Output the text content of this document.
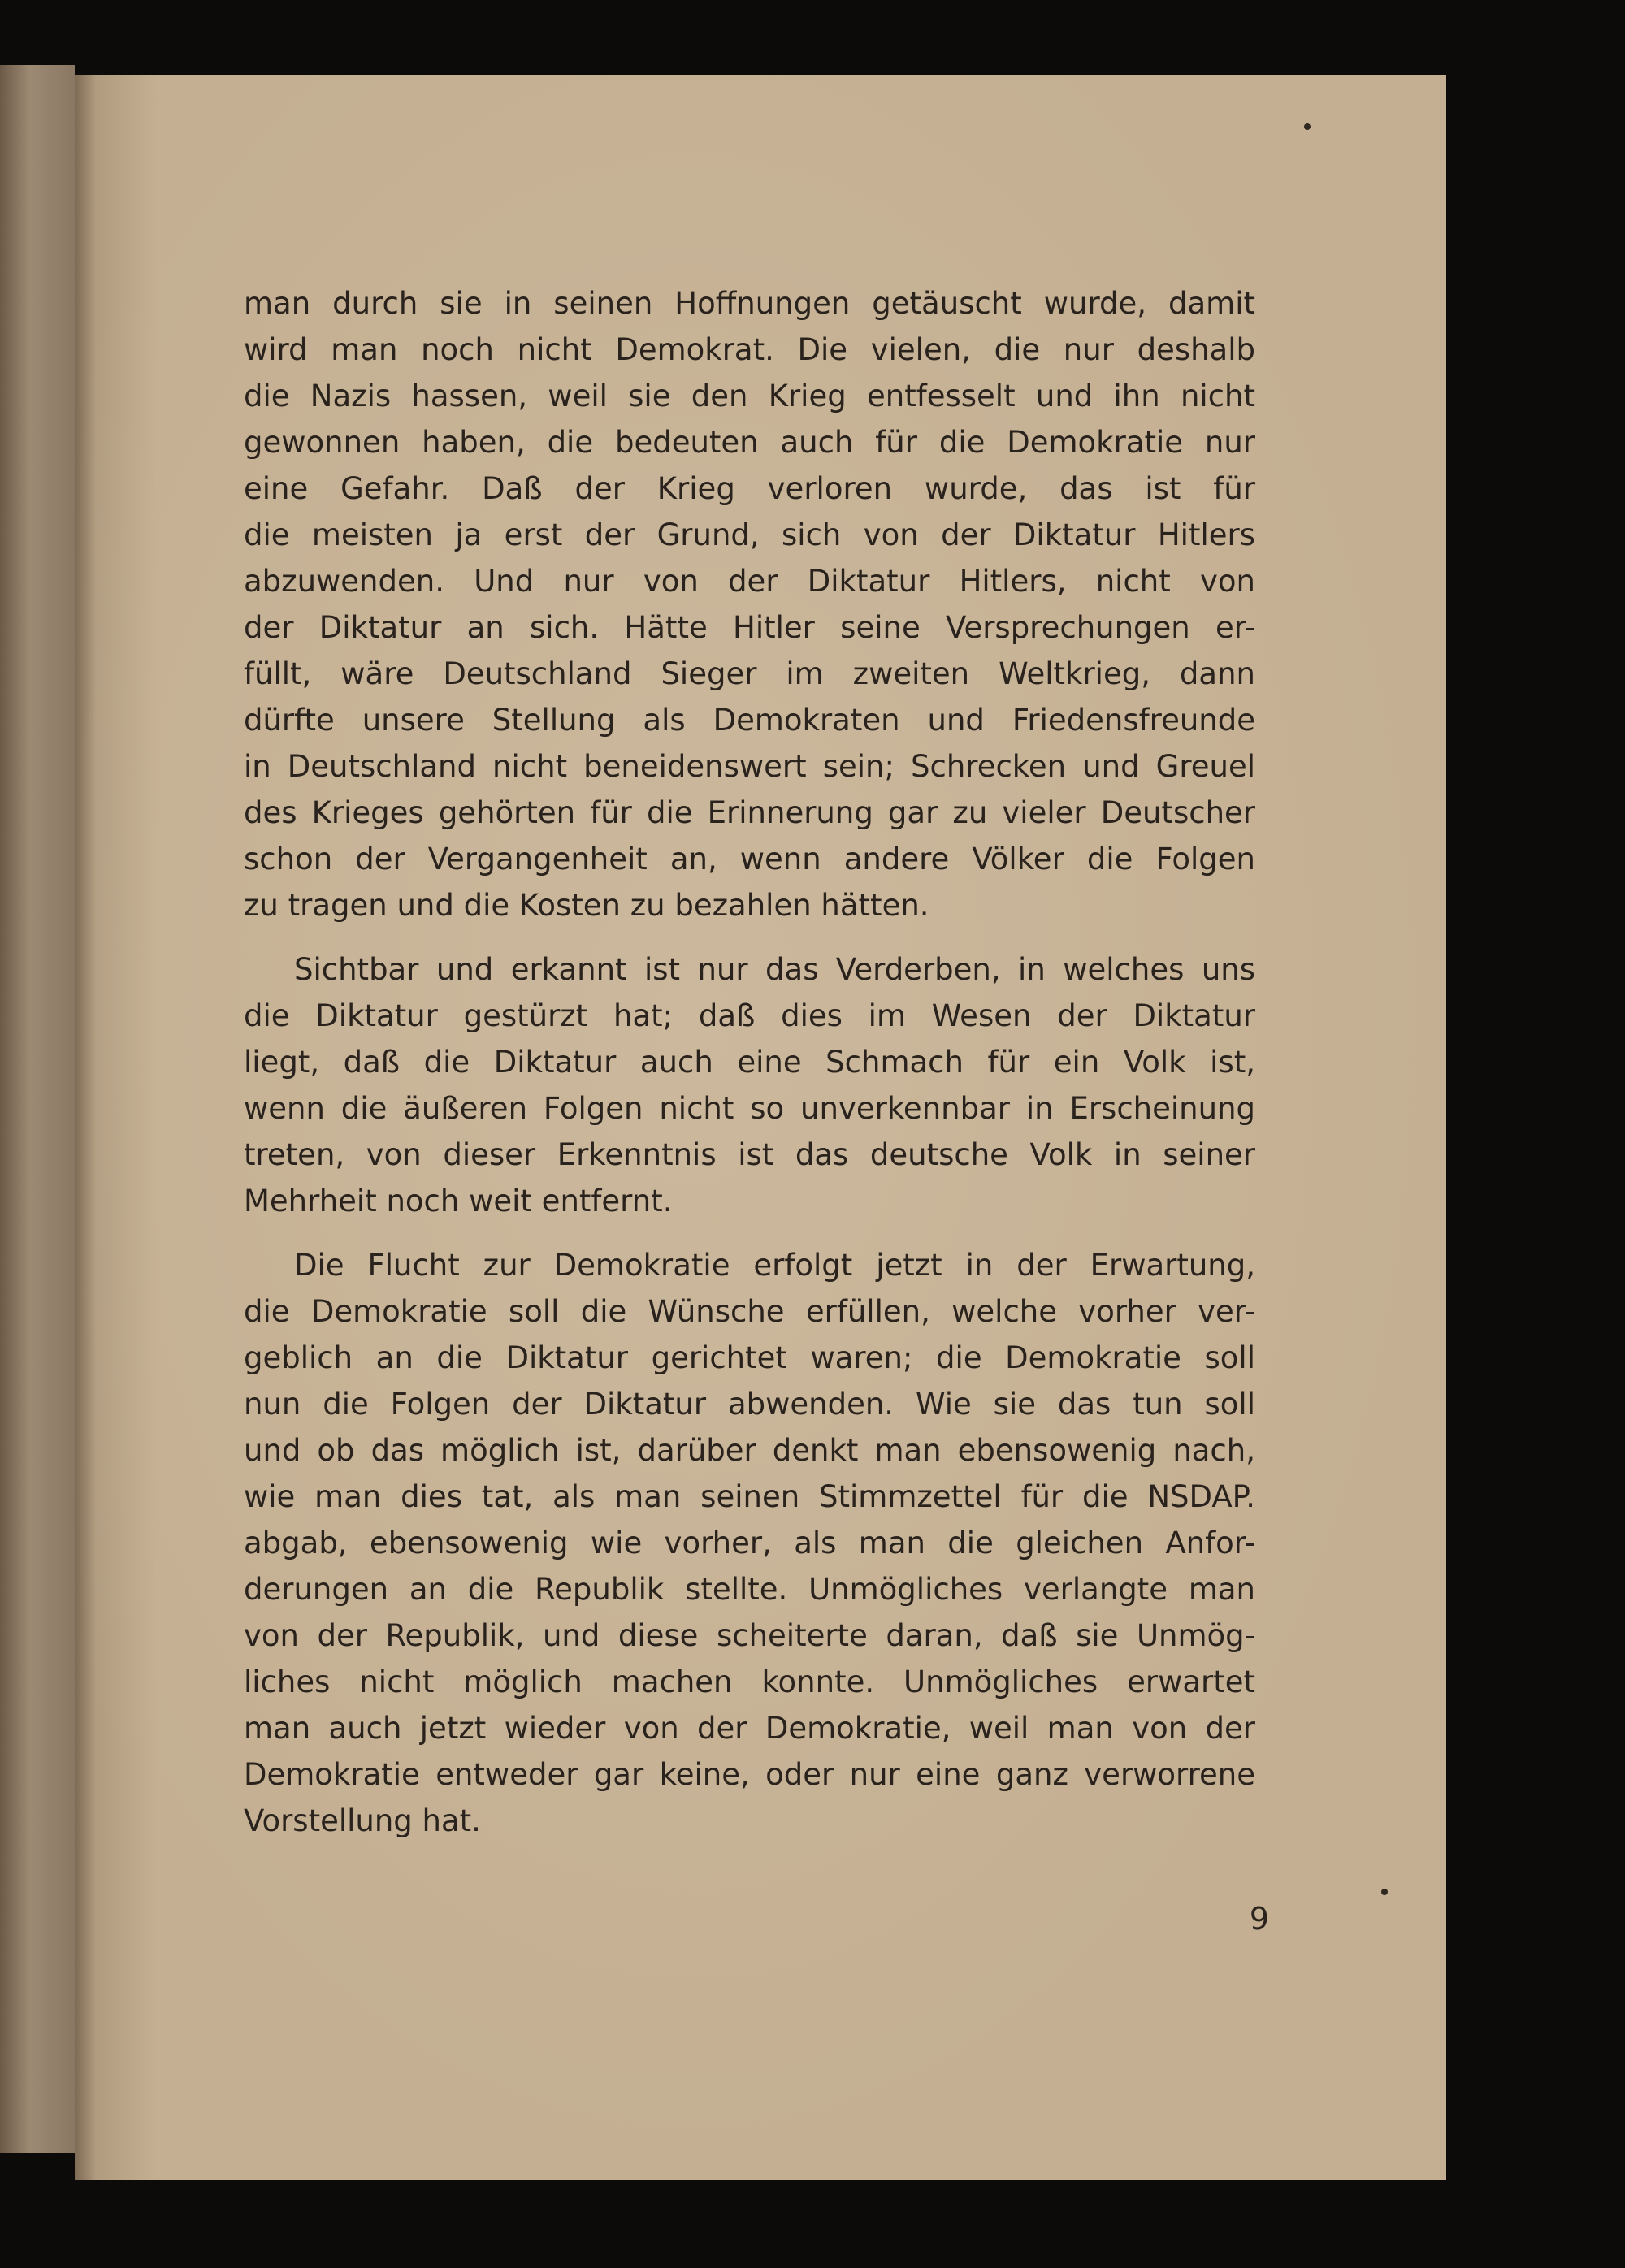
man durch sie in seinen Hoffnungen getäuscht wurde, damit
wird man noch nicht Demokrat. Die vielen, die nur deshalb
die Nazis hassen, weil sie den Krieg entfesselt und ihn nicht
gewonnen haben, die bedeuten auch für die Demokratie nur
eine Gefahr. Daß der Krieg verloren wurde, das ist für
die meisten ja erst der Grund, sich von der Diktatur Hitlers
abzuwenden. Und nur von der Diktatur Hitlers, nicht von
der Diktatur an sich. Hätte Hitler seine Versprechungen er-
füllt, wäre Deutschland Sieger im zweiten Weltkrieg, dann
dürfte unsere Stellung als Demokraten und Friedensfreunde
in Deutschland nicht beneidenswert sein; Schrecken und Greuel
des Krieges gehörten für die Erinnerung gar zu vieler Deutscher
schon der Vergangenheit an, wenn andere Völker die Folgen
zu tragen und die Kosten zu bezahlen hätten.
Sichtbar und erkannt ist nur das Verderben, in welches uns
die Diktatur gestürzt hat; daß dies im Wesen der Diktatur
liegt, daß die Diktatur auch eine Schmach für ein Volk ist,
wenn die äußeren Folgen nicht so unverkennbar in Erscheinung
treten, von dieser Erkenntnis ist das deutsche Volk in seiner
Mehrheit noch weit entfernt.
Die Flucht zur Demokratie erfolgt jetzt in der Erwartung,
die Demokratie soll die Wünsche erfüllen, welche vorher ver-
geblich an die Diktatur gerichtet waren; die Demokratie soll
nun die Folgen der Diktatur abwenden. Wie sie das tun soll
und ob das möglich ist, darüber denkt man ebensowenig nach,
wie man dies tat, als man seinen Stimmzettel für die NSDAP.
abgab, ebensowenig wie vorher, als man die gleichen Anfor-
derungen an die Republik stellte. Unmögliches verlangte man
von der Republik, und diese scheiterte daran, daß sie Unmög-
liches nicht möglich machen konnte. Unmögliches erwartet
man auch jetzt wieder von der Demokratie, weil man von der
Demokratie entweder gar keine, oder nur eine ganz verworrene
Vorstellung hat.
9
